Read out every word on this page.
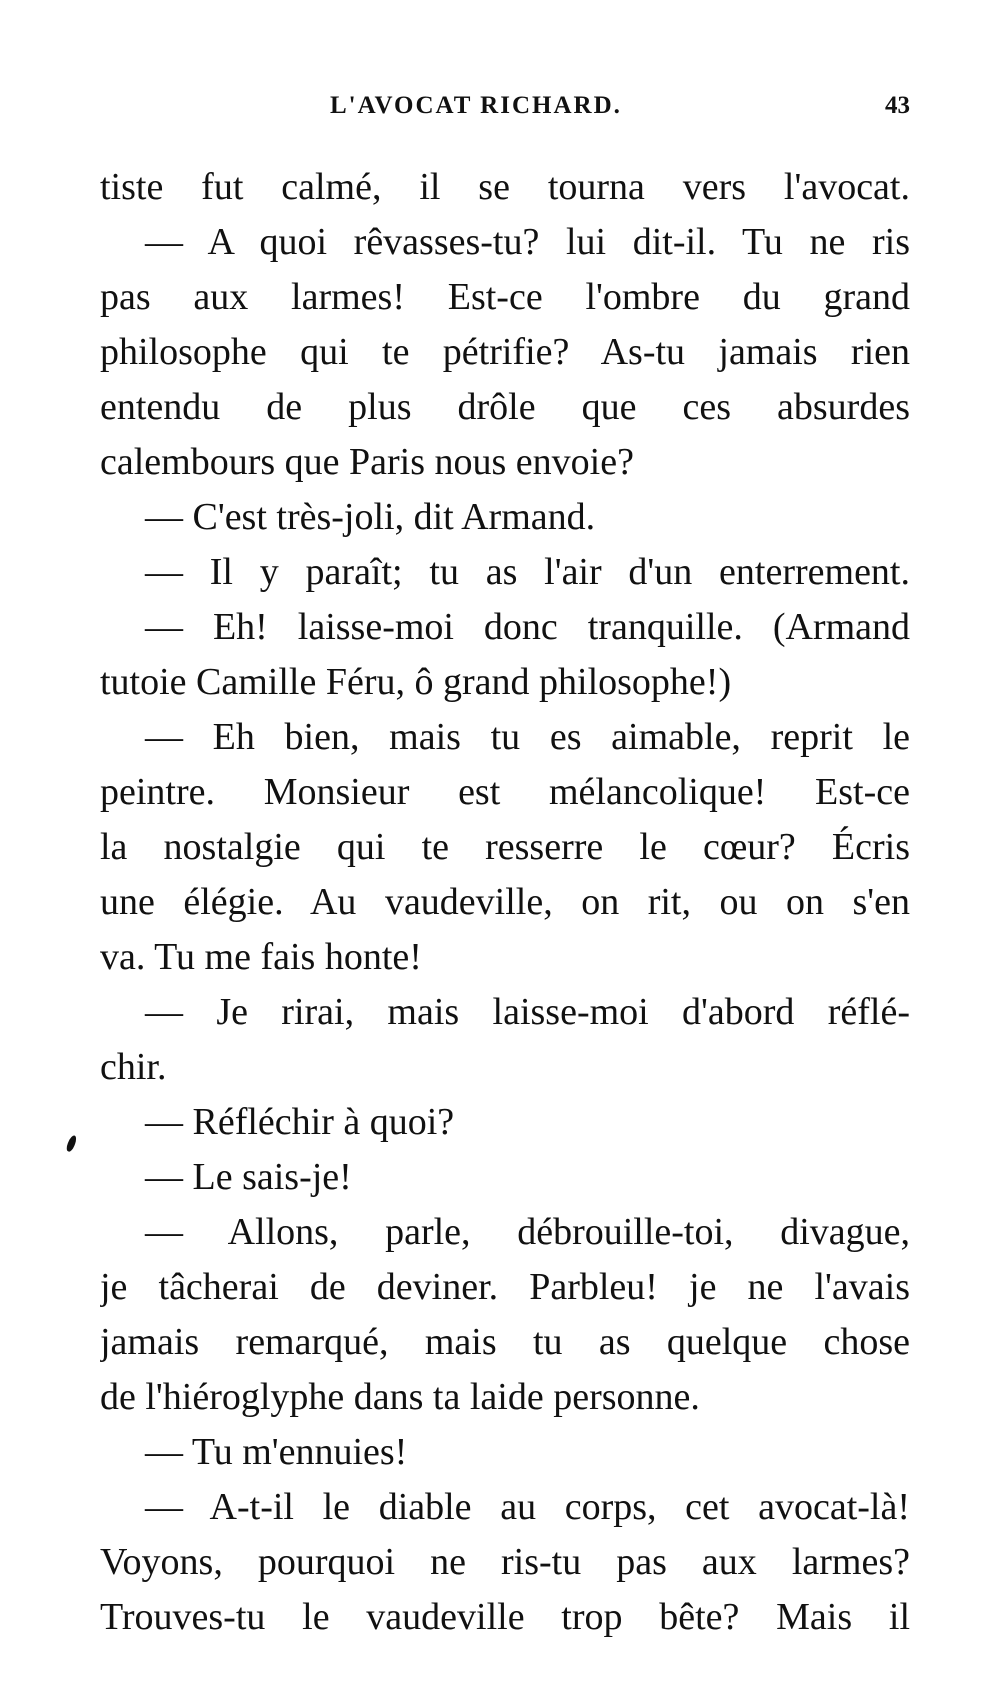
L'AVOCAT RICHARD.	43
tiste fut calmé, il se tourna vers l'avocat.
— A quoi rêvasses-tu? lui dit-il. Tu ne ris
pas aux larmes! Est-ce l'ombre du grand
philosophe qui te pétrifie? As-tu jamais rien
entendu de plus drôle que ces absurdes
calembours que Paris nous envoie?
— C'est très-joli, dit Armand.
— Il y paraît; tu as l'air d'un enterrement.
— Eh! laisse-moi donc tranquille. (Armand
tutoie Camille Féru, ô grand philosophe!)
— Eh bien, mais tu es aimable, reprit le
peintre. Monsieur est mélancolique! Est-ce
la nostalgie qui te resserre le cœur? Écris
une élégie. Au vaudeville, on rit, ou on s'en
va. Tu me fais honte!
— Je rirai, mais laisse-moi d'abord réflé-
chir.
— Réfléchir à quoi?
— Le sais-je!
— Allons, parle, débrouille-toi, divague,
je tâcherai de deviner. Parbleu! je ne l'avais
jamais remarqué, mais tu as quelque chose
de l'hiéroglyphe dans ta laide personne.
— Tu m'ennuies!
— A-t-il le diable au corps, cet avocat-là!
Voyons, pourquoi ne ris-tu pas aux larmes?
Trouves-tu le vaudeville trop bête? Mais il
